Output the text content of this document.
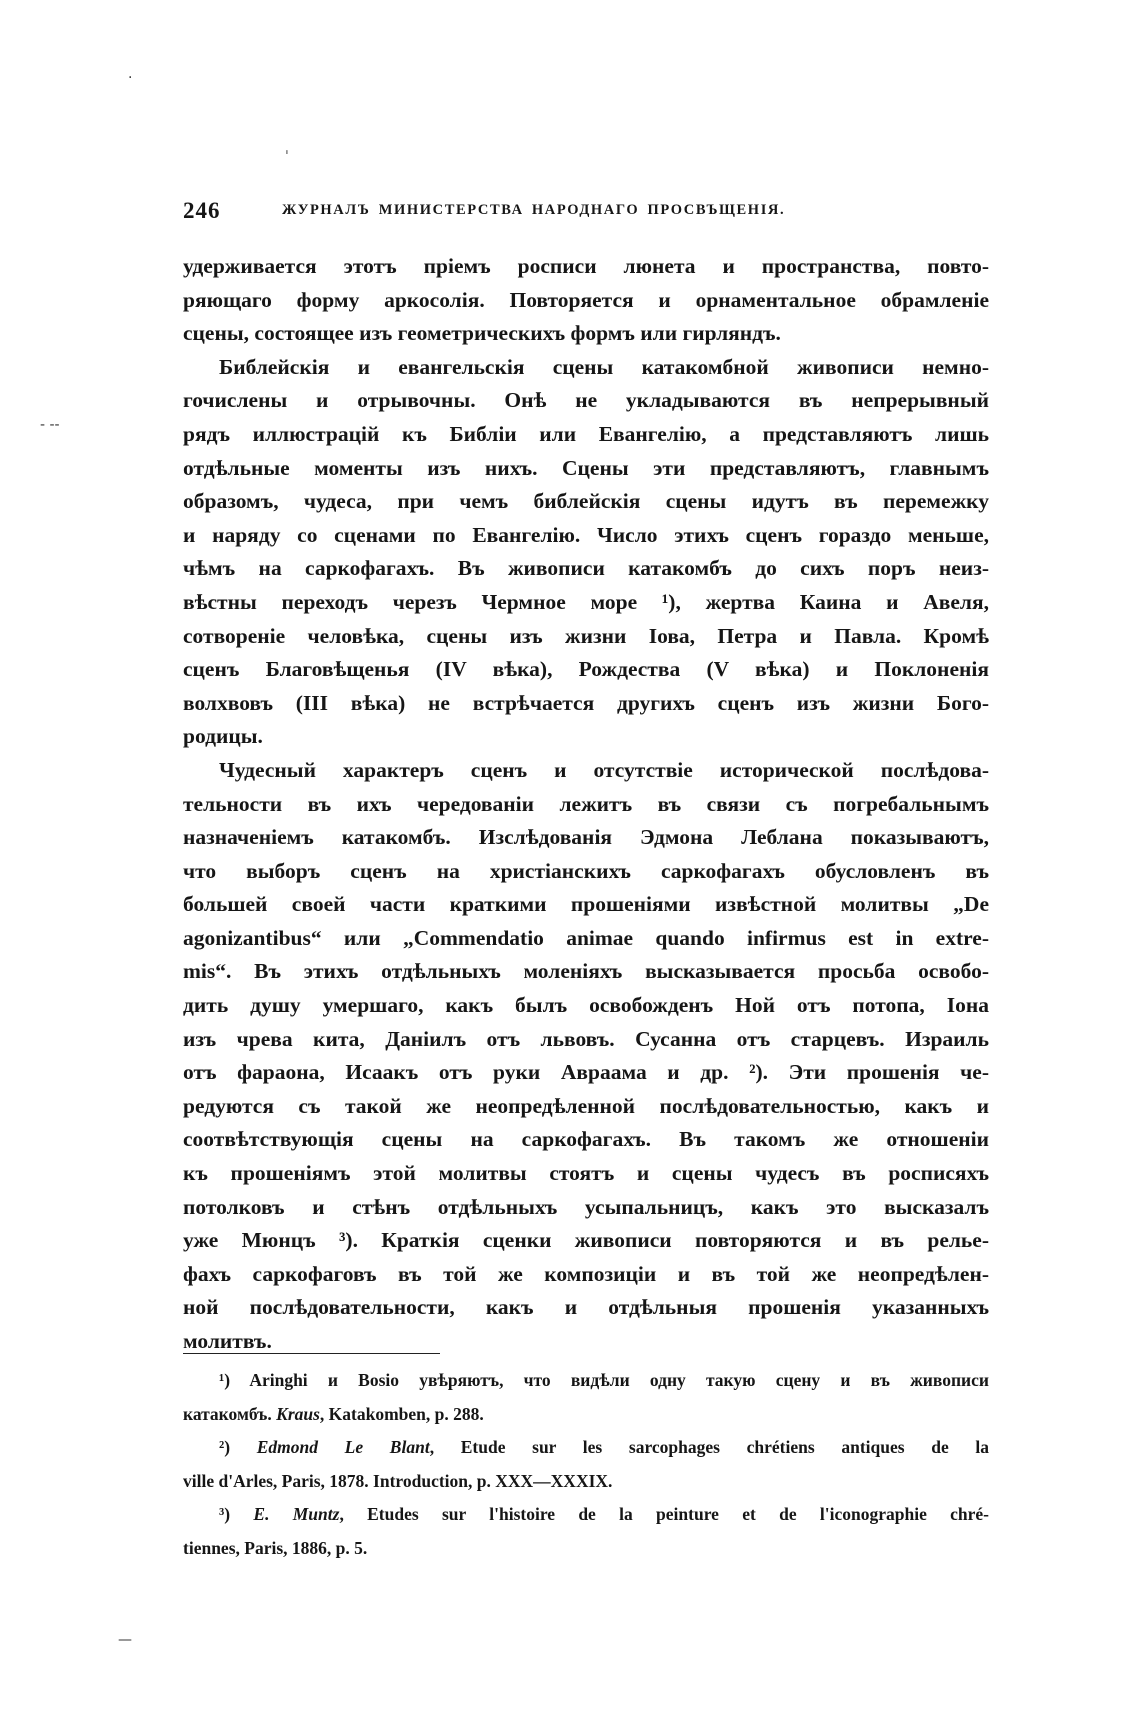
246	ЖУРНАЛЪ МИНИСТЕРСТВА НАРОДНАГО ПРОСВЪЩЕНІЯ.
удерживается этотъ пріемъ росписи люнета и пространства, повто-
ряющаго форму аркосолія. Повторяется и орнаментальное обрамленіе
сцены, состоящее изъ геометрическихъ формъ или гирляндъ.
Библейскія и евангельскія сцены катакомбной живописи немно-
гочислены и отрывочны. Онѣ не укладываются въ непрерывный
рядъ иллюстрацій къ Библіи или Евангелію, а представляютъ лишь
отдѣльные моменты изъ нихъ. Сцены эти представляютъ, главнымъ
образомъ, чудеса, при чемъ библейскія сцены идутъ въ перемежку
и наряду со сценами по Евангелію. Число этихъ сценъ гораздо меньше,
чѣмъ на саркофагахъ. Въ живописи катакомбъ до сихъ поръ неиз-
вѣстны переходъ черезъ Чермное море ¹), жертва Каина и Авеля,
сотвореніе человѣка, сцены изъ жизни Іова, Петра и Павла. Кромѣ
сценъ Благовѣщенья (IV вѣка), Рождества (V вѣка) и Поклоненія
волхвовъ (III вѣка) не встрѣчается другихъ сценъ изъ жизни Бого-
родицы.
Чудесный характеръ сценъ и отсутствіе исторической послѣдова-
тельности въ ихъ чередованіи лежитъ въ связи съ погребальнымъ
назначеніемъ катакомбъ. Изслѣдованія Эдмона Леблана показываютъ,
что выборъ сценъ на христіанскихъ саркофагахъ обусловленъ въ
большей своей части краткими прошеніями извѣстной молитвы „De
agonizantibus“ или „Commendatio animae quando infirmus est in extre-
mis“. Въ этихъ отдѣльныхъ моленіяхъ высказывается просьба освобо-
дить душу умершаго, какъ былъ освобожденъ Ной отъ потопа, Іона
изъ чрева кита, Даніилъ отъ львовъ. Сусанна отъ старцевъ. Израиль
отъ фараона, Исаакъ отъ руки Авраама и др. ²). Эти прошенія че-
редуются съ такой же неопредѣленной послѣдовательностью, какъ и
соотвѣтствующія сцены на саркофагахъ. Въ такомъ же отношеніи
къ прошеніямъ этой молитвы стоятъ и сцены чудесъ въ росписяхъ
потолковъ и стѣнъ отдѣльныхъ усыпальницъ, какъ это высказалъ
уже Мюнцъ ³). Краткія сценки живописи повторяются и въ релье-
фахъ саркофаговъ въ той же композиціи и въ той же неопредѣлен-
ной послѣдовательности, какъ и отдѣльныя прошенія указанныхъ
молитвъ.
¹) Aringhi и Bosio увѣряютъ, что видѣли одну такую сцену и въ живописи
катакомбъ. Kraus, Katakomben, p. 288.
²) Edmond Le Blant, Etude sur les sarcophages chrétiens antiques de la
ville d'Arles, Paris, 1878. Introduction, p. XXX—XXXIX.
³) E. Muntz, Etudes sur l'histoire de la peinture et de l'iconographie chré-
tiennes, Paris, 1886, p. 5.
·
ˌ
- --
—
